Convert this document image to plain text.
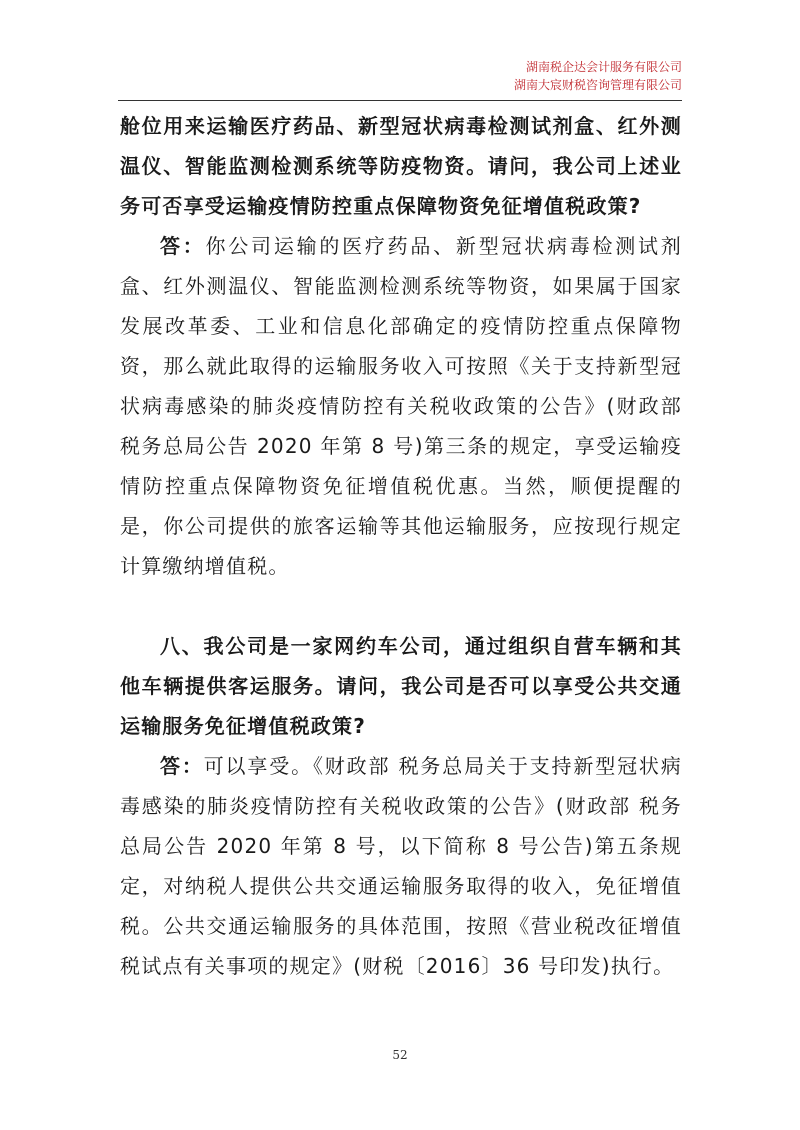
湖南税企达会计服务有限公司
湖南大宸财税咨询管理有限公司

舱位用来运输医疗药品、新型冠状病毒检测试剂盒、红外测温仪、智能监测检测系统等防疫物资。请问，我公司上述业务可否享受运输疫情防控重点保障物资免征增值税政策?

答：你公司运输的医疗药品、新型冠状病毒检测试剂盒、红外测温仪、智能监测检测系统等物资，如果属于国家发展改革委、工业和信息化部确定的疫情防控重点保障物资，那么就此取得的运输服务收入可按照《关于支持新型冠状病毒感染的肺炎疫情防控有关税收政策的公告》(财政部 税务总局公告 2020 年第 8 号)第三条的规定，享受运输疫情防控重点保障物资免征增值税优惠。当然，顺便提醒的是，你公司提供的旅客运输等其他运输服务，应按现行规定计算缴纳增值税。

八、我公司是一家网约车公司，通过组织自营车辆和其他车辆提供客运服务。请问，我公司是否可以享受公共交通运输服务免征增值税政策?

答：可以享受。《财政部 税务总局关于支持新型冠状病毒感染的肺炎疫情防控有关税收政策的公告》(财政部 税务总局公告 2020 年第 8 号，以下简称 8 号公告)第五条规定，对纳税人提供公共交通运输服务取得的收入，免征增值税。公共交通运输服务的具体范围，按照《营业税改征增值税试点有关事项的规定》(财税〔2016〕36 号印发)执行。

52
